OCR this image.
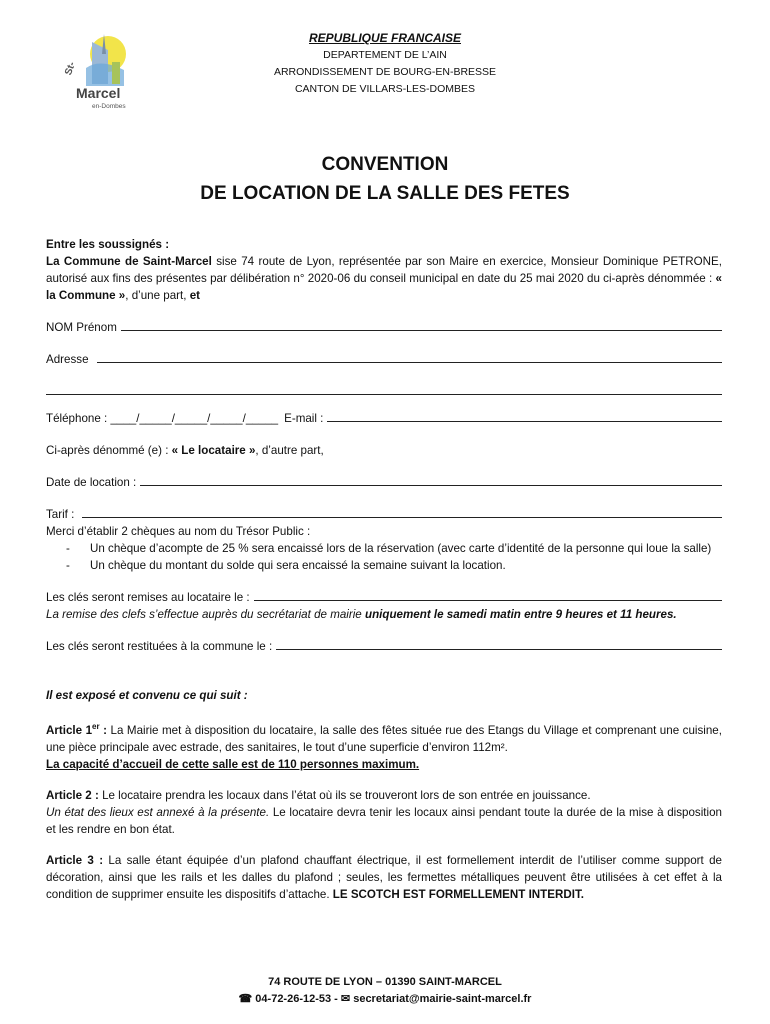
St-
Marcel
en-Dombes
REPUBLIQUE FRANCAISE
DEPARTEMENT DE L’AIN
ARRONDISSEMENT DE BOURG-EN-BRESSE
CANTON DE VILLARS-LES-DOMBES
CONVENTION
DE LOCATION DE LA SALLE DES FETES

Entre les soussignés :

La Commune de Saint-Marcel sise 74 route de Lyon, représentée par son Maire en exercice, Monsieur Dominique PETRONE, autorisé aux fins des présentes par délibération n° 2020-06 du conseil municipal en date du 25 mai 2020 du ci-après dénommée : « la Commune », d’une part, et

NOM Prénom
Adresse
Téléphone : ____/_____/_____/_____/_____ E-mail :

Ci-après dénommé (e) : « Le locataire », d’autre part,

Date de location :
Tarif :

Merci d’établir 2 chèques au nom du Trésor Public :

- Un chèque d’acompte de 25 % sera encaissé lors de la réservation (avec carte d’identité de la personne qui loue la salle)
- Un chèque du montant du solde qui sera encaissé la semaine suivant la location.
Les clés seront remises au locataire le :

La remise des clefs s’effectue auprès du secrétariat de mairie uniquement le samedi matin entre 9 heures et 11 heures.

Les clés seront restituées à la commune le :

Il est exposé et convenu ce qui suit :

Article 1er : La Mairie met à disposition du locataire, la salle des fêtes située rue des Etangs du Village et comprenant une cuisine, une pièce principale avec estrade, des sanitaires, le tout d’une superficie d’environ 112m².

La capacité d’accueil de cette salle est de 110 personnes maximum.

Article 2 : Le locataire prendra les locaux dans l’état où ils se trouveront lors de son entrée en jouissance.
Un état des lieux est annexé à la présente. Le locataire devra tenir les locaux ainsi pendant toute la durée de la mise à disposition et les rendre en bon état.

Article 3 : La salle étant équipée d’un plafond chauffant électrique, il est formellement interdit de l’utiliser comme support de décoration, ainsi que les rails et les dalles du plafond ; seules, les fermettes métalliques peuvent être utilisées à cet effet à la condition de supprimer ensuite les dispositifs d’attache. LE SCOTCH EST FORMELLEMENT INTERDIT.

74 ROUTE DE LYON – 01390 SAINT-MARCEL
☎ 04-72-26-12-53 - ✉ secretariat@mairie-saint-marcel.fr
